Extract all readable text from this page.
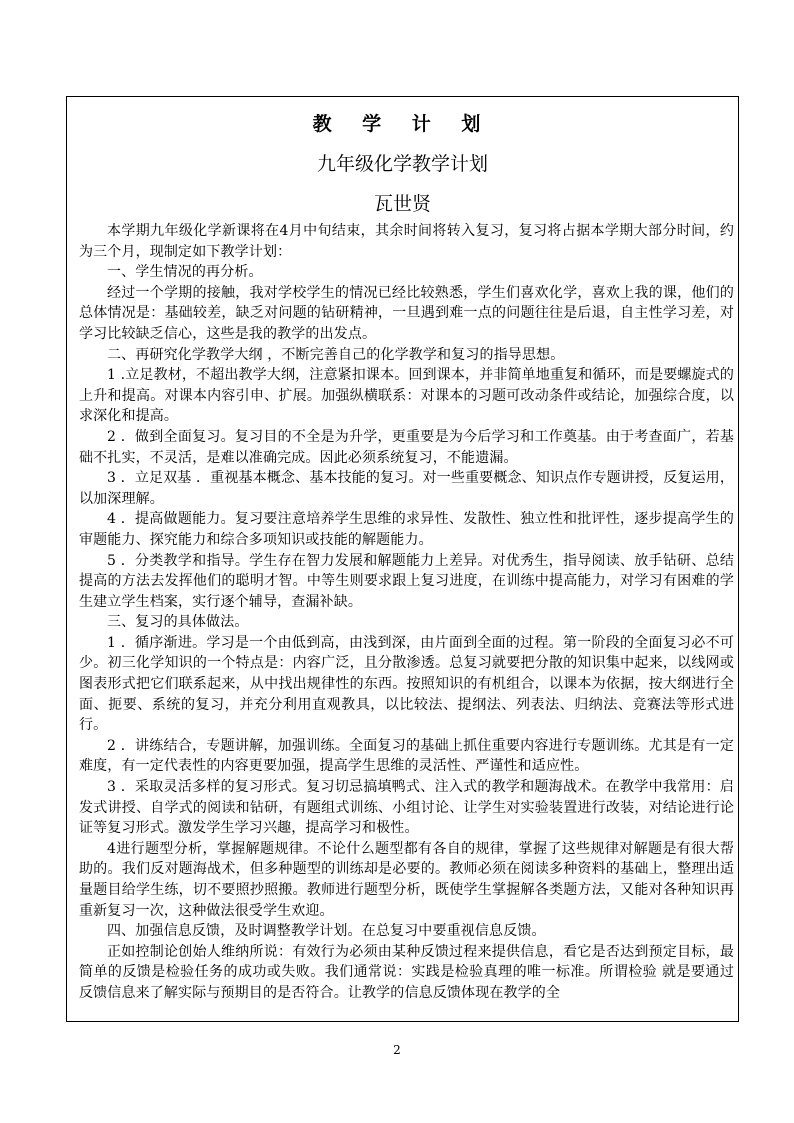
教 学 计 划
九年级化学教学计划
瓦世贤

本学期九年级化学新课将在4月中旬结束，其余时间将转入复习，复习将占据本学期大部分时间，约为三个月，现制定如下教学计划：

一、学生情况的再分析。

经过一个学期的接触，我对学校学生的情况已经比较熟悉，学生们喜欢化学，喜欢上我的课，他们的总体情况是：基础较差，缺乏对问题的钻研精神，一旦遇到难一点的问题往往是后退，自主性学习差，对学习比较缺乏信心，这些是我的教学的出发点。

二、再研究化学教学大纲 ，不断完善自己的化学教学和复习的指导思想。

1 .立足教材，不超出教学大纲，注意紧扣课本。回到课本，并非简单地重复和循环，而是要螺旋式的上升和提高。对课本内容引申、扩展。加强纵横联系：对课本的习题可改动条件或结论，加强综合度，以求深化和提高。

2 ．做到全面复习。复习目的不全是为升学，更重要是为今后学习和工作奠基。由于考查面广，若基础不扎实，不灵活，是难以准确完成。因此必须系统复习，不能遗漏。

3 ．立足双基 ．重视基本概念、基本技能的复习。对一些重要概念、知识点作专题讲授，反复运用，以加深理解。

4 ．提高做题能力。复习要注意培养学生思维的求异性、发散性、独立性和批评性，逐步提高学生的审题能力、探究能力和综合多项知识或技能的解题能力。

5 ．分类教学和指导。学生存在智力发展和解题能力上差异。对优秀生，指导阅读、放手钻研、总结提高的方法去发挥他们的聪明才智。中等生则要求跟上复习进度，在训练中提高能力，对学习有困难的学生建立学生档案，实行逐个辅导，查漏补缺。

三、复习的具体做法。

1 ．循序渐进。学习是一个由低到高，由浅到深，由片面到全面的过程。第一阶段的全面复习必不可少。初三化学知识的一个特点是：内容广泛，且分散渗透。总复习就要把分散的知识集中起来，以线网或图表形式把它们联系起来，从中找出规律性的东西。按照知识的有机组合，以课本为依据，按大纲进行全面、扼要、系统的复习，并充分利用直观教具，以比较法、提纲法、列表法、归纳法、竞赛法等形式进行。

2 ．讲练结合，专题讲解，加强训练。全面复习的基础上抓住重要内容进行专题训练。尤其是有一定难度，有一定代表性的内容更要加强，提高学生思维的灵活性、严谨性和适应性。

3 ．采取灵活多样的复习形式。复习切忌搞填鸭式、注入式的教学和题海战术。在教学中我常用：启发式讲授、自学式的阅读和钻研，有题组式训练、小组讨论、让学生对实验装置进行改装，对结论进行论证等复习形式。激发学生学习兴趣，提高学习和极性。

4进行题型分析，掌握解题规律。不论什么题型都有各自的规律，掌握了这些规律对解题是有很大帮助的。我们反对题海战术，但多种题型的训练却是必要的。教师必须在阅读多种资料的基础上，整理出适量题目给学生练，切不要照抄照搬。教师进行题型分析，既使学生掌握解各类题方法，又能对各种知识再重新复习一次，这种做法很受学生欢迎。

四、加强信息反馈，及时调整教学计划。在总复习中要重视信息反馈。

正如控制论创始人维纳所说：有效行为必须由某种反馈过程来提供信息，看它是否达到预定目标，最简单的反馈是检验任务的成功或失败。我们通常说：实践是检验真理的唯一标准。所谓检验 就是要通过反馈信息来了解实际与预期目的是否符合。让教学的信息反馈体现在教学的全

2
